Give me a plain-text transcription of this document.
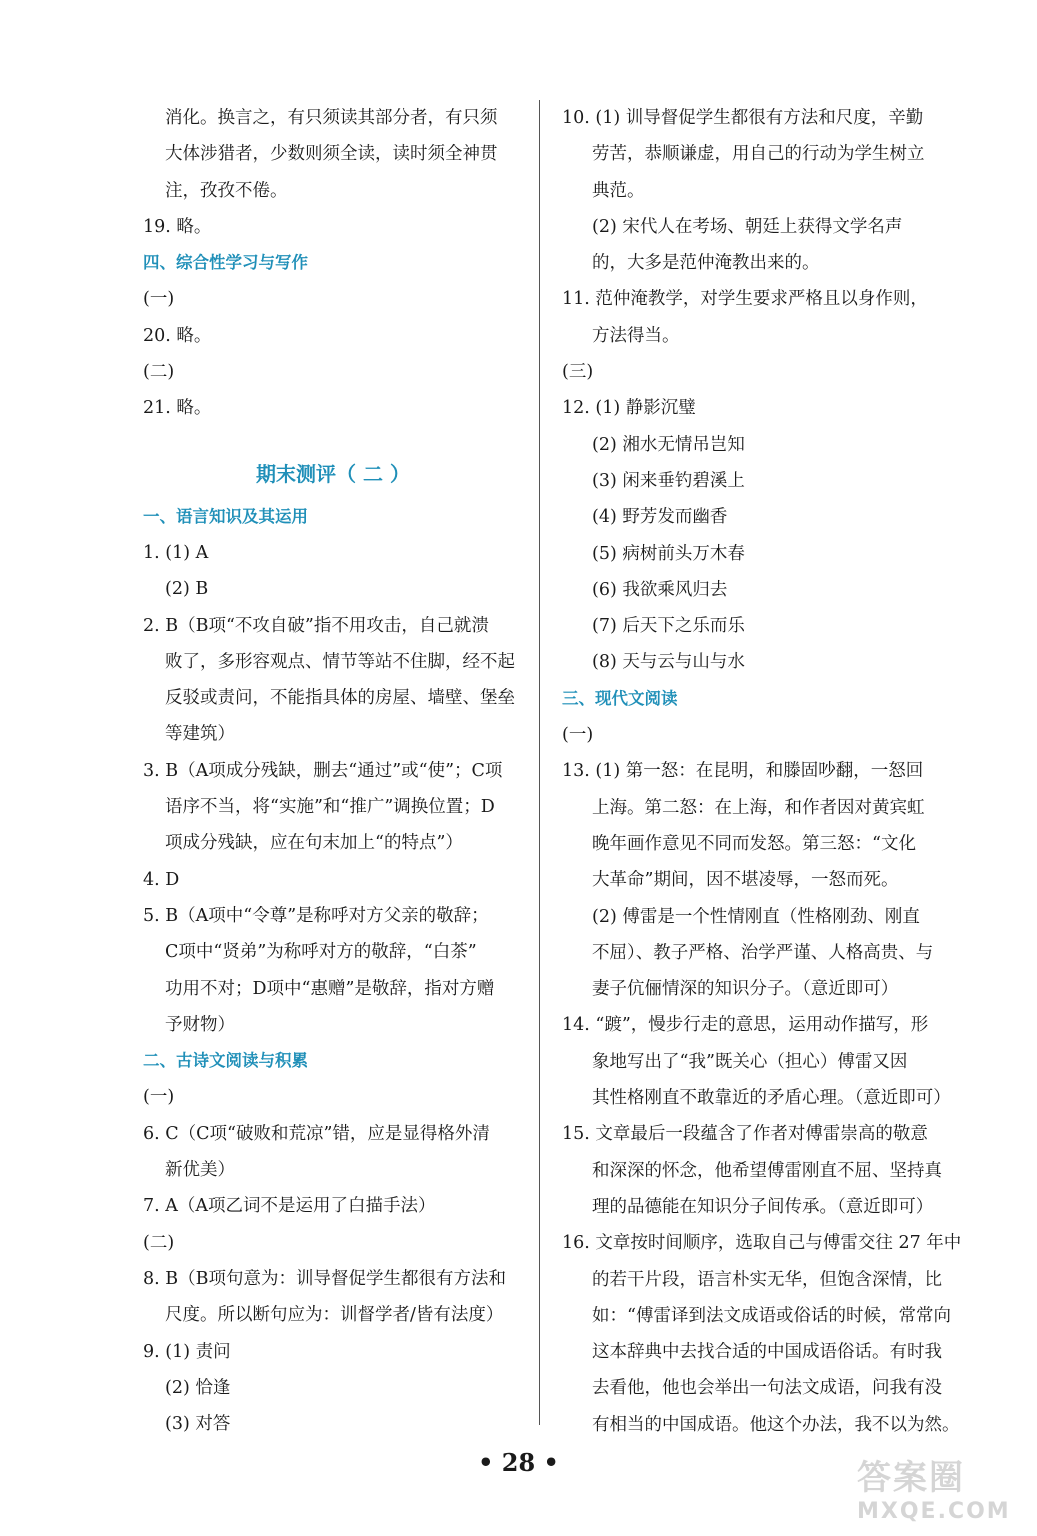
消化。换言之，有只须读其部分者，有只须
大体涉猎者，少数则须全读，读时须全神贯
注，孜孜不倦。
19. 略。
四、综合性学习与写作
(一)
20. 略。
(二)
21. 略。
期末测评（ 二 ）
一、语言知识及其运用
1. (1) A
(2) B
2. B（B项“不攻自破”指不用攻击，自己就溃
败了，多形容观点、情节等站不住脚，经不起
反驳或责问，不能指具体的房屋、墙壁、堡垒
等建筑）
3. B（A项成分残缺，删去“通过”或“使”；C项
语序不当，将“实施”和“推广”调换位置；D
项成分残缺，应在句末加上“的特点”）
4. D
5. B（A项中“令尊”是称呼对方父亲的敬辞；
C项中“贤弟”为称呼对方的敬辞，“白茶”
功用不对；D项中“惠赠”是敬辞，指对方赠
予财物）
二、古诗文阅读与积累
(一)
6. C（C项“破败和荒凉”错，应是显得格外清
新优美）
7. A（A项乙词不是运用了白描手法）
(二)
8. B（B项句意为：训导督促学生都很有方法和
尺度。所以断句应为：训督学者/皆有法度）
9. (1) 责问
(2) 恰逢
(3) 对答
10. (1) 训导督促学生都很有方法和尺度，辛勤
劳苦，恭顺谦虚，用自己的行动为学生树立
典范。
(2) 宋代人在考场、朝廷上获得文学名声
的，大多是范仲淹教出来的。
11. 范仲淹教学，对学生要求严格且以身作则，
方法得当。
(三)
12. (1) 静影沉璧
(2) 湘水无情吊岂知
(3) 闲来垂钓碧溪上
(4) 野芳发而幽香
(5) 病树前头万木春
(6) 我欲乘风归去
(7) 后天下之乐而乐
(8) 天与云与山与水
三、现代文阅读
(一)
13. (1) 第一怒：在昆明，和滕固吵翻，一怒回
上海。第二怒：在上海，和作者因对黄宾虹
晚年画作意见不同而发怒。第三怒：“文化
大革命”期间，因不堪凌辱，一怒而死。
(2) 傅雷是一个性情刚直（性格刚劲、刚直
不屈）、教子严格、治学严谨、人格高贵、与
妻子伉俪情深的知识分子。（意近即可）
14. “踱”，慢步行走的意思，运用动作描写，形
象地写出了“我”既关心（担心）傅雷又因
其性格刚直不敢靠近的矛盾心理。（意近即可）
15. 文章最后一段蕴含了作者对傅雷崇高的敬意
和深深的怀念，他希望傅雷刚直不屈、坚持真
理的品德能在知识分子间传承。（意近即可）
16. 文章按时间顺序，选取自己与傅雷交往 27 年中
的若干片段，语言朴实无华，但饱含深情，比
如：“傅雷译到法文成语或俗话的时候，常常向
这本辞典中去找合适的中国成语俗话。有时我
去看他，他也会举出一句法文成语，问我有没
有相当的中国成语。他这个办法，我不以为然。
• 28 •	答案圈
MXQE.COM
